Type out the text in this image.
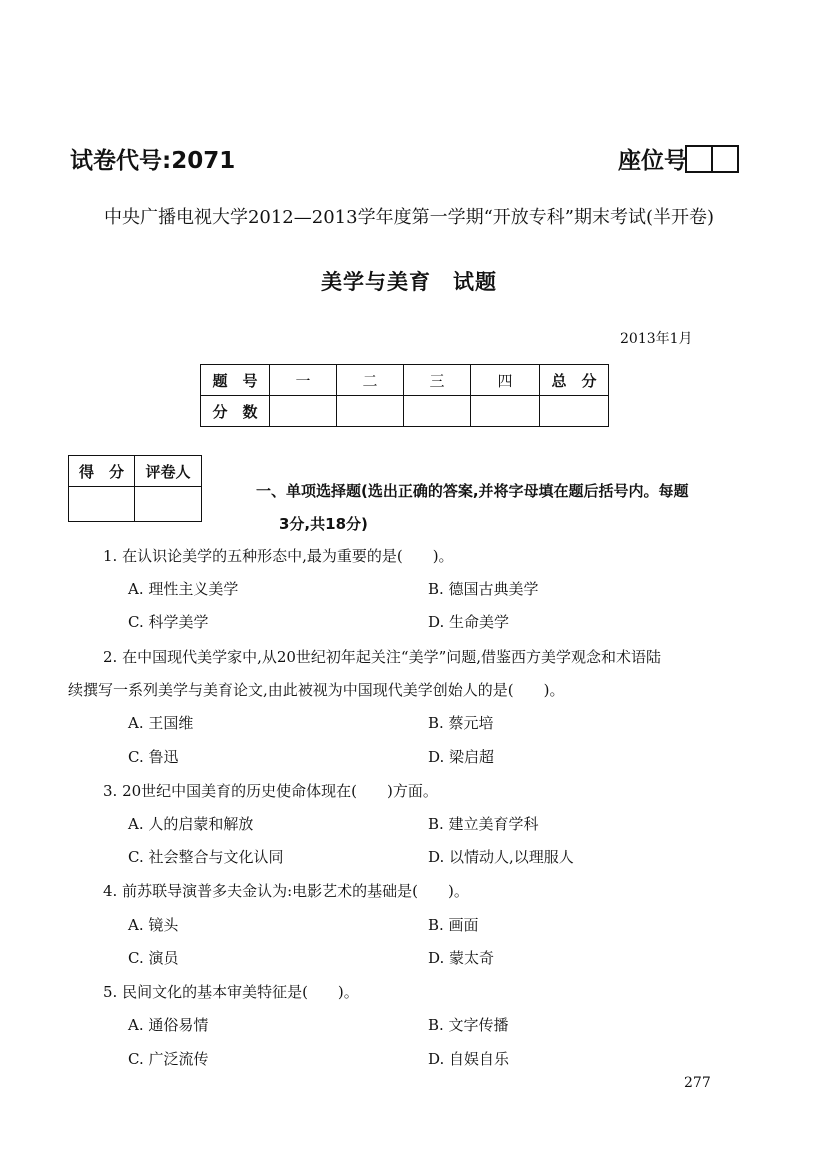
试卷代号:2071	座位号
中央广播电视大学2012—2013学年度第一学期“开放专科”期末考试(半开卷)
美学与美育　试题
2013年1月
题　号	一	二	三	四	总　分
分　数					
得　分	评卷人

一、单项选择题(选出正确的答案,并将字母填在题后括号内。每题
3分,共18分)
1. 在认识论美学的五种形态中,最为重要的是(　　)。
A. 理性主义美学	B. 德国古典美学
C. 科学美学	D. 生命美学
2. 在中国现代美学家中,从20世纪初年起关注“美学”问题,借鉴西方美学观念和术语陆
续撰写一系列美学与美育论文,由此被视为中国现代美学创始人的是(　　)。
A. 王国维	B. 蔡元培
C. 鲁迅	D. 梁启超
3. 20世纪中国美育的历史使命体现在(　　)方面。
A. 人的启蒙和解放	B. 建立美育学科
C. 社会整合与文化认同	D. 以情动人,以理服人
4. 前苏联导演普多夫金认为:电影艺术的基础是(　　)。
A. 镜头	B. 画面
C. 演员	D. 蒙太奇
5. 民间文化的基本审美特征是(　　)。
A. 通俗易情	B. 文字传播
C. 广泛流传	D. 自娱自乐
277
